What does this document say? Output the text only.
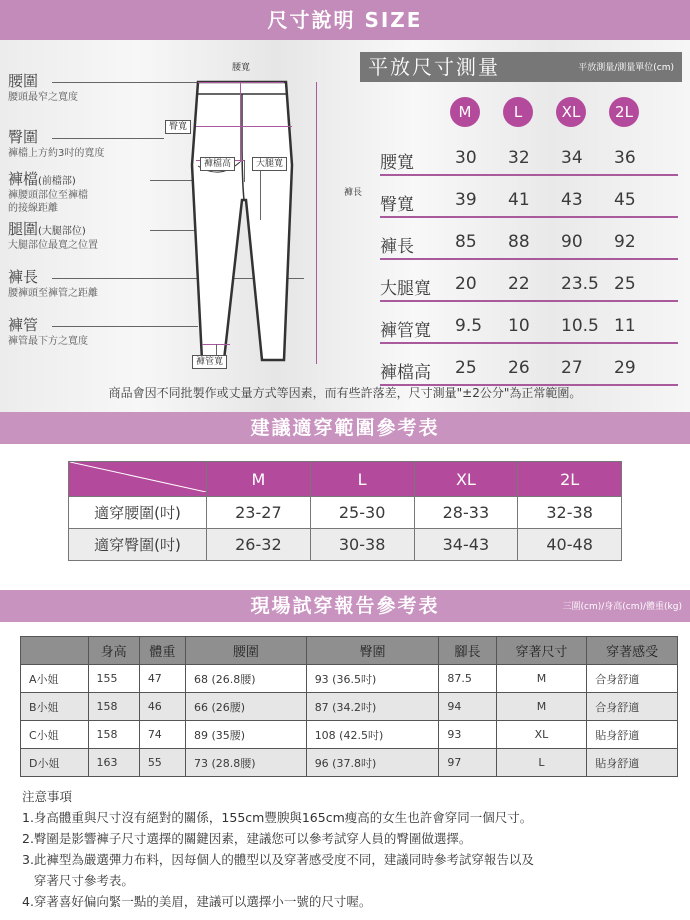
尺寸說明 SIZE
腰圍
腰頭最窄之寬度
臀圍
褲檔上方約3吋的寬度
褲檔(前檔部)
褲腰頭部位至褲檔
的接線距離
腿圍(大腿部位)
大腿部位最寬之位置
褲長
腰褲頭至褲管之距離
褲管
褲管最下方之寬度
腰寬
臀寬
褲檔高	大腿寬
褲長
褲管寬
平放尺寸測量	平放測量/測量單位(cm)
M	L	XL	2L
腰寬 30 32 34 36
臀寬 39 41 43 45
褲長 85 88 90 92
大腿寬 20 22 23.5 25
褲管寬 9.5 10 10.5 11
褲檔高 25 26 27 29
商品會因不同批製作或丈量方式等因素，而有些許落差，尺寸測量"±2公分"為正常範圍。
建議適穿範圍參考表
	M	L	XL	2L
適穿腰圍(吋)	23-27	25-30	28-33	32-38
適穿臀圍(吋)	26-32	30-38	34-43	40-48
現場試穿報告參考表	三圍(cm)/身高(cm)/體重(kg)
	身高	體重	腰圍	臀圍	腳長	穿著尺寸	穿著感受
A小姐	155	47	68 (26.8腰)	93 (36.5吋)	87.5	M	合身舒適
B小姐	158	46	66 (26腰)	87 (34.2吋)	94	M	合身舒適
C小姐	158	74	89 (35腰)	108 (42.5吋)	93	XL	貼身舒適
D小姐	163	55	73 (28.8腰)	96 (37.8吋)	97	L	貼身舒適
注意事項
1.身高體重與尺寸沒有絕對的關係，155cm豐腴與165cm瘦高的女生也許會穿同一個尺寸。
2.臀圍是影響褲子尺寸選擇的關鍵因素，建議您可以參考試穿人員的臀圍做選擇。
3.此褲型為嚴選彈力布料，因每個人的體型以及穿著感受度不同，建議同時參考試穿報告以及
穿著尺寸參考表。
4.穿著喜好偏向緊一點的美眉，建議可以選擇小一號的尺寸喔。
